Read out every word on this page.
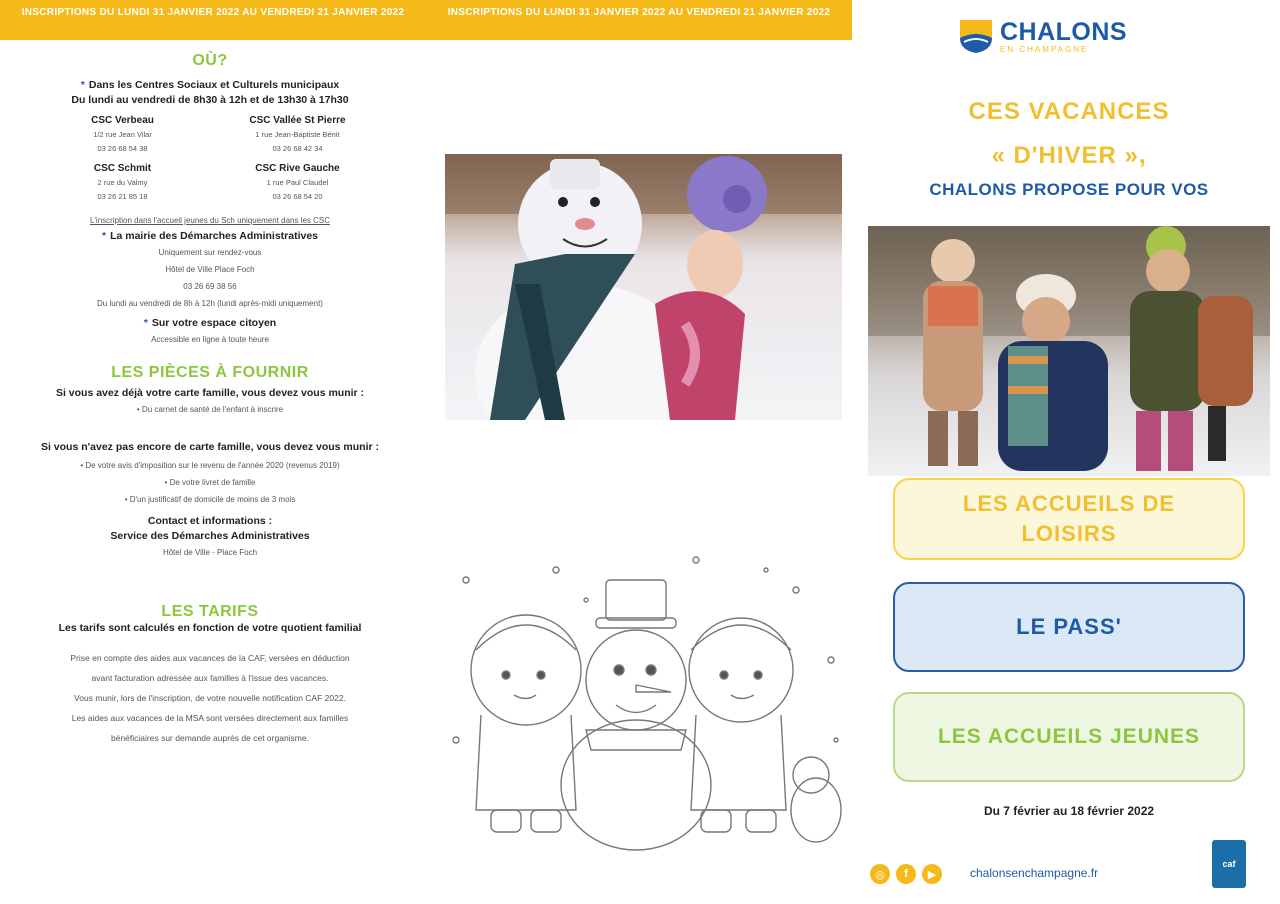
INSCRIPTIONS DU LUNDI 31 JANVIER 2022 AU VENDREDI 21 JANVIER 2022	INSCRIPTIONS DU LUNDI 31 JANVIER 2022 AU VENDREDI 21 JANVIER 2022
OÙ?
* Dans les Centres Sociaux et Culturels municipaux
Du lundi au vendredi de 8h30 à 12h et de 13h30 à 17h30
CSC Verbeau
1/2 rue Jean Vilar
03 26 68 54 38
CSC Vallée St Pierre
1 rue Jean-Baptiste Bénit
03 26 68 42 34
CSC Schmit
2 rue du Valmy
03 26 21 85 18
CSC Rive Gauche
1 rue Paul Claudel
03 26 68 54 20
L'inscription dans l'accueil jeunes du Sch uniquement dans les CSC
* La mairie des Démarches Administratives
Uniquement sur rendez-vous
Hôtel de Ville Place Foch
03 26 69 38 56
Du lundi au vendredi de 8h à 12h (lundi après-midi uniquement)
* Sur votre espace citoyen
Accessible en ligne à toute heure
LES PIÈCES À FOURNIR
Si vous avez déjà votre carte famille, vous devez vous munir :
• Du carnet de santé de l'enfant à inscrire
Si vous n'avez pas encore de carte famille, vous devez vous munir :
• De votre avis d'imposition sur le revenu de l'année 2020 (revenus 2019)
• De votre livret de famille
• D'un justificatif de domicile de moins de 3 mois
Contact et informations :
Service des Démarches Administratives
Hôtel de Ville - Place Foch
LES TARIFS
Les tarifs sont calculés en fonction de votre quotient familial
Prise en compte des aides aux vacances de la CAF, versées en déduction
avant facturation adressée aux familles à l'issue des vacances.
Vous munir, lors de l'inscription, de votre nouvelle notification CAF 2022.
Les aides aux vacances de la MSA sont versées directement aux familles
bénéficiaires sur demande auprès de cet organisme.
CHALONS
EN CHAMPAGNE
CES VACANCES
« D'HIVER »,
CHALONS PROPOSE POUR VOS
LES ACCUEILS DE
LOISIRS
LE PASS'
LES ACCUEILS JEUNES
Du 7 février au 18 février 2022
◎	f	▶	chalonsenchampagne.fr
caf
